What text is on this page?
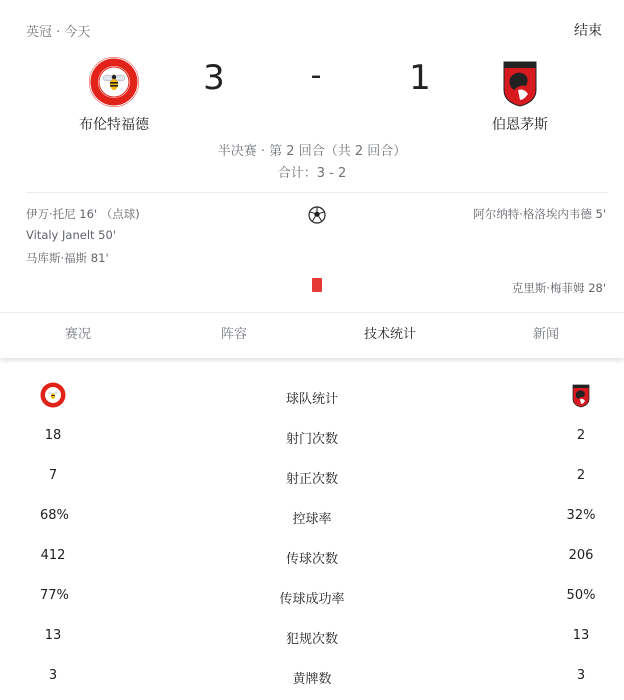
英冠 · 今天	结束
布伦特福德
3	-	1
伯恩茅斯
半决赛 · 第 2 回合（共 2 回合）
合计：3 - 2
伊万·托尼 16' （点球)
Vitaly Janelt 50'
马库斯·福斯 81'
阿尔纳特·格洛埃内韦德 5'
克里斯·梅菲姆 28'
赛况	阵容	技术统计	新闻
球队统计
18	射门次数	2
7	射正次数	2
68%	控球率	32%
412	传球次数	206
77%	传球成功率	50%
13	犯规次数	13
3	黄牌数	3
